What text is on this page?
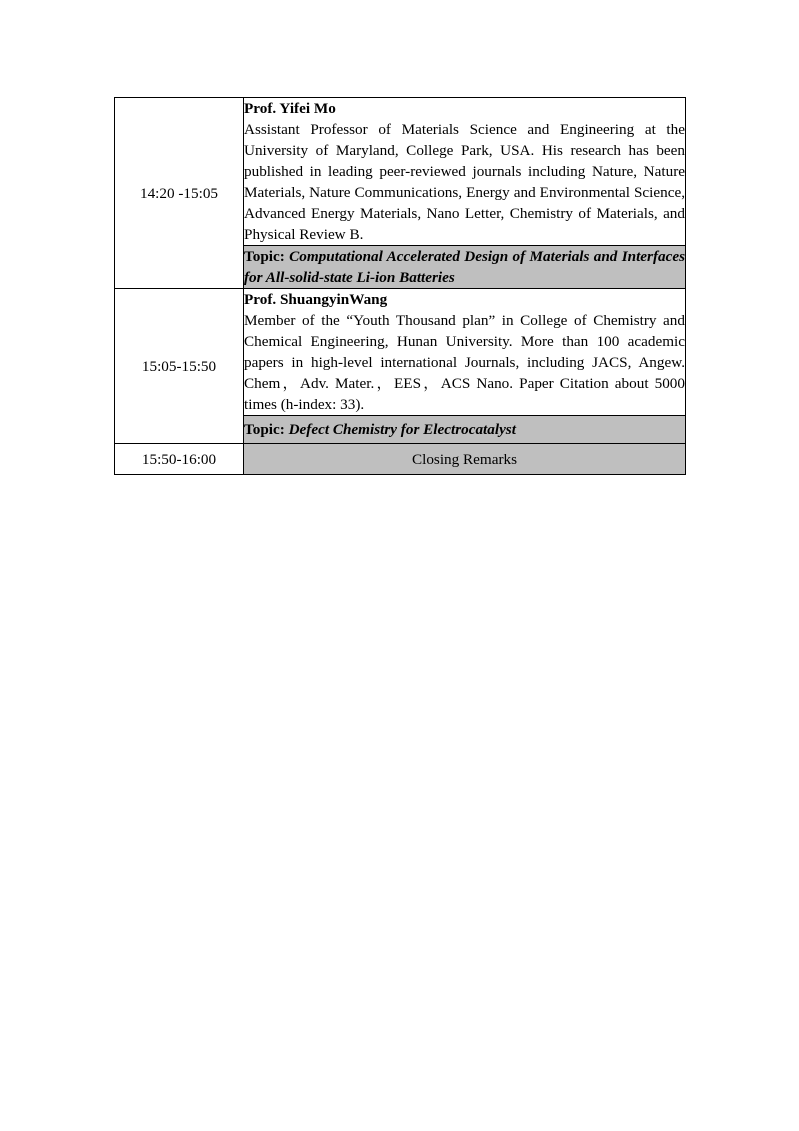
14:20 -15:05	Prof. Yifei Mo
Assistant Professor of Materials Science and Engineering at the University of Maryland, College Park, USA. His research has been published in leading peer-reviewed journals including Nature, Nature Materials, Nature Communications, Energy and Environmental Science, Advanced Energy Materials, Nano Letter, Chemistry of Materials, and Physical Review B.

	Topic: Computational Accelerated Design of Materials and Interfaces for All-solid-state Li-ion Batteries
15:05-15:50	Prof. ShuangyinWang
Member of the “Youth Thousand plan” in College of Chemistry and Chemical Engineering, Hunan University. More than 100 academic papers in high-level international Journals, including JACS, Angew. Chem，Adv. Mater.，EES，ACS Nano. Paper Citation about 5000 times (h-index: 33).

	Topic: Defect Chemistry for Electrocatalyst
15:50-16:00	Closing Remarks
